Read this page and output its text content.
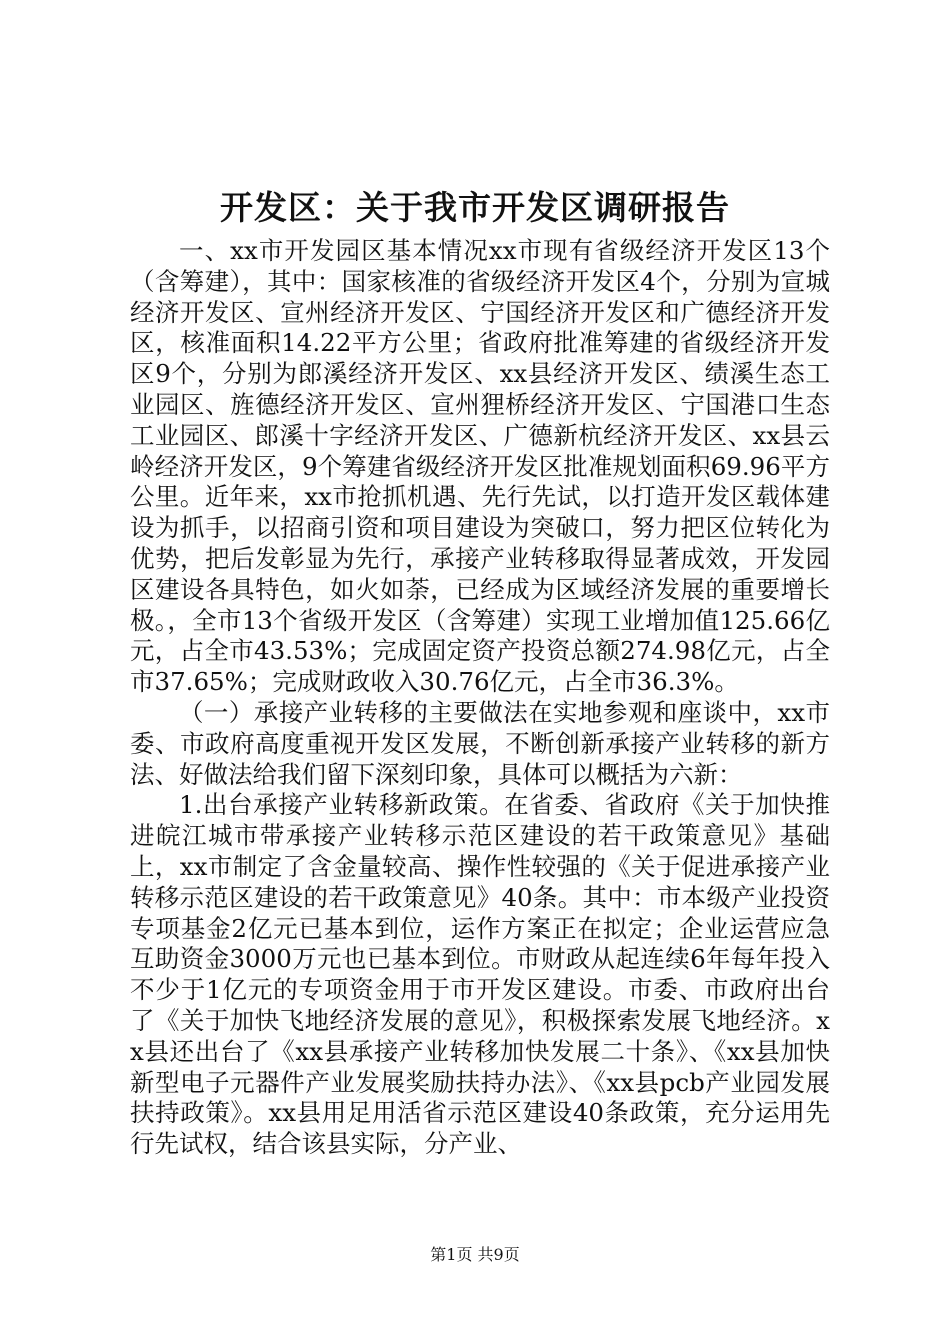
开发区：关于我市开发区调研报告

一、xx市开发园区基本情况xx市现有省级经济开发区13个（含筹建），其中：国家核准的省级经济开发区4个，分别为宣城经济开发区、宣州经济开发区、宁国经济开发区和广德经济开发区，核准面积14.22平方公里；省政府批准筹建的省级经济开发区9个，分别为郎溪经济开发区、xx县经济开发区、绩溪生态工业园区、旌德经济开发区、宣州狸桥经济开发区、宁国港口生态工业园区、郎溪十字经济开发区、广德新杭经济开发区、xx县云岭经济开发区，9个筹建省级经济开发区批准规划面积69.96平方公里。近年来，xx市抢抓机遇、先行先试，以打造开发区载体建设为抓手，以招商引资和项目建设为突破口，努力把区位转化为优势，把后发彰显为先行，承接产业转移取得显著成效，开发园区建设各具特色，如火如荼，已经成为区域经济发展的重要增长极。，全市13个省级开发区（含筹建）实现工业增加值125.66亿元，占全市43.53%；完成固定资产投资总额274.98亿元，占全市37.65%；完成财政收入30.76亿元，占全市36.3%。

（一）承接产业转移的主要做法在实地参观和座谈中，xx市委、市政府高度重视开发区发展，不断创新承接产业转移的新方法、好做法给我们留下深刻印象，具体可以概括为六新：

1.出台承接产业转移新政策。在省委、省政府《关于加快推进皖江城市带承接产业转移示范区建设的若干政策意见》基础上，xx市制定了含金量较高、操作性较强的《关于促进承接产业转移示范区建设的若干政策意见》40条。其中：市本级产业投资专项基金2亿元已基本到位，运作方案正在拟定；企业运营应急互助资金3000万元也已基本到位。市财政从起连续6年每年投入不少于1亿元的专项资金用于市开发区建设。市委、市政府出台了《关于加快飞地经济发展的意见》，积极探索发展飞地经济。xx县还出台了《xx县承接产业转移加快发展二十条》、《xx县加快新型电子元器件产业发展奖励扶持办法》、《xx县pcb产业园发展扶持政策》。xx县用足用活省示范区建设40条政策，充分运用先行先试权，结合该县实际，分产业、

第1页 共9页
